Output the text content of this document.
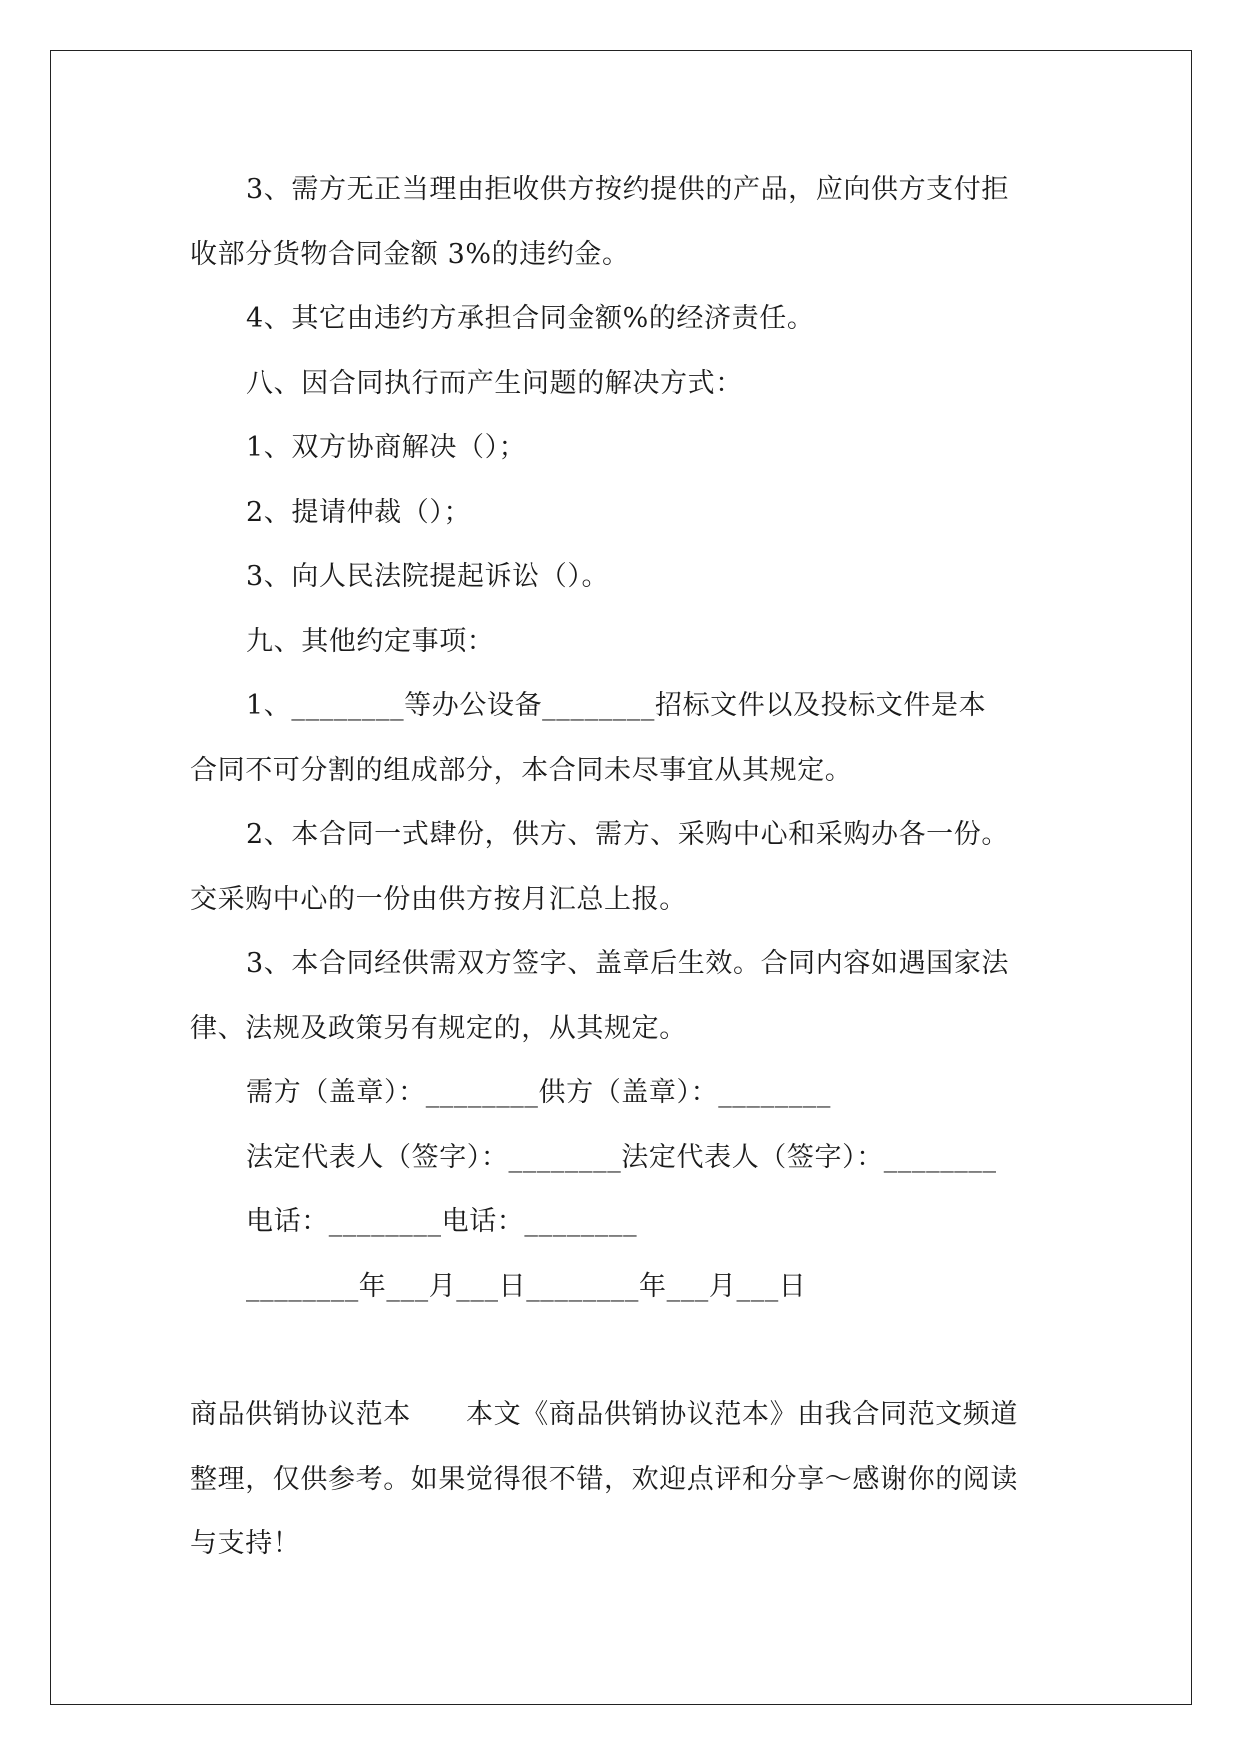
3、需方无正当理由拒收供方按约提供的产品，应向供方支付拒
收部分货物合同金额 3%的违约金。
4、其它由违约方承担合同金额%的经济责任。
八、因合同执行而产生问题的解决方式：
1、双方协商解决（）；
2、提请仲裁（）；
3、向人民法院提起诉讼（）。
九、其他约定事项：
1、________等办公设备________招标文件以及投标文件是本
合同不可分割的组成部分，本合同未尽事宜从其规定。
2、本合同一式肆份，供方、需方、采购中心和采购办各一份。
交采购中心的一份由供方按月汇总上报。
3、本合同经供需双方签字、盖章后生效。合同内容如遇国家法
律、法规及政策另有规定的，从其规定。
需方（盖章）：________供方（盖章）：________
法定代表人（签字）：________法定代表人（签字）：________
电话：________电话：________
________年___月___日________年___月___日
商品供销协议范本　　本文《商品供销协议范本》由我合同范文频道
整理，仅供参考。如果觉得很不错，欢迎点评和分享～感谢你的阅读
与支持！
